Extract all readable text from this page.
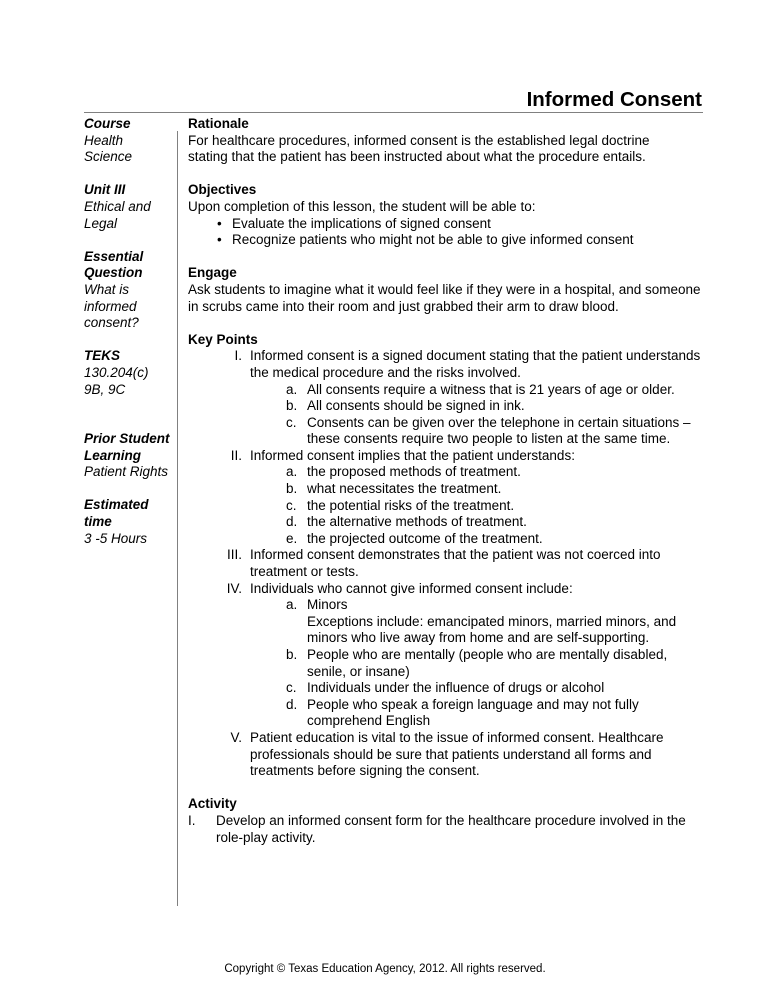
Informed Consent
Course
Health Science
Unit III
Ethical and Legal
Essential Question
What is informed consent?
TEKS
130.204(c) 9B, 9C
Prior Student Learning
Patient Rights
Estimated time
3 -5 Hours
Rationale
For healthcare procedures, informed consent is the established legal doctrine stating that the patient has been instructed about what the procedure entails.
Objectives
Upon completion of this lesson, the student will be able to:
• Evaluate the implications of signed consent
• Recognize patients who might not be able to give informed consent
Engage
Ask students to imagine what it would feel like if they were in a hospital, and someone in scrubs came into their room and just grabbed their arm to draw blood.
Key Points
I. Informed consent is a signed document stating that the patient understands the medical procedure and the risks involved.
a. All consents require a witness that is 21 years of age or older.
b. All consents should be signed in ink.
c. Consents can be given over the telephone in certain situations – these consents require two people to listen at the same time.
II. Informed consent implies that the patient understands:
a. the proposed methods of treatment.
b. what necessitates the treatment.
c. the potential risks of the treatment.
d. the alternative methods of treatment.
e. the projected outcome of the treatment.
III. Informed consent demonstrates that the patient was not coerced into treatment or tests.
IV. Individuals who cannot give informed consent include:
a. Minors
Exceptions include: emancipated minors, married minors, and minors who live away from home and are self-supporting.
b. People who are mentally (people who are mentally disabled, senile, or insane)
c. Individuals under the influence of drugs or alcohol
d. People who speak a foreign language and may not fully comprehend English
V. Patient education is vital to the issue of informed consent. Healthcare professionals should be sure that patients understand all forms and treatments before signing the consent.
Activity
I. Develop an informed consent form for the healthcare procedure involved in the role-play activity.
Copyright © Texas Education Agency, 2012. All rights reserved.
